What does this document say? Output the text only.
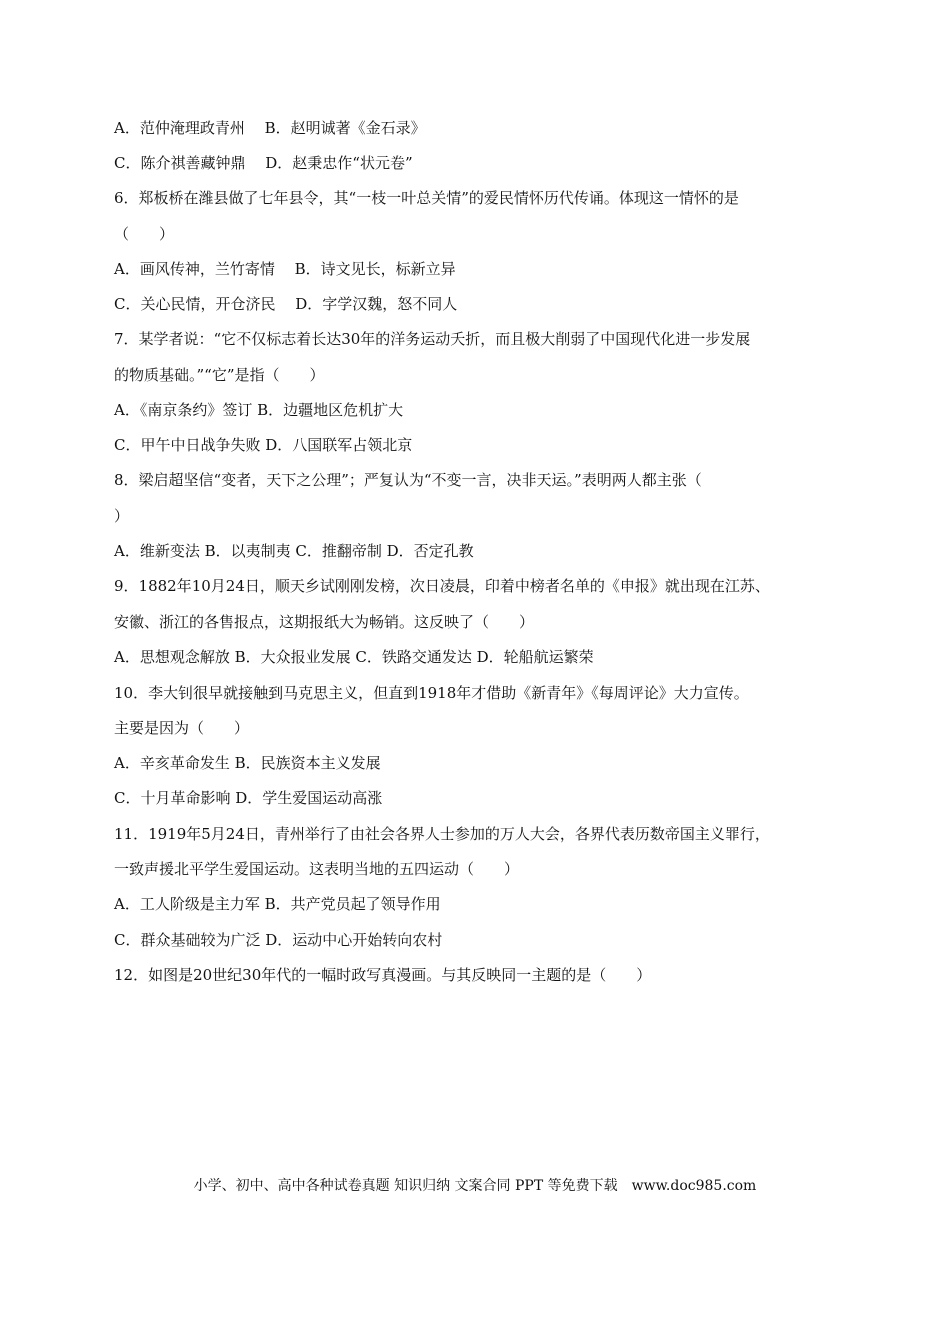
A．范仲淹理政青州　 B．赵明诚著《金石录》
C．陈介祺善藏钟鼎　 D．赵秉忠作“状元卷”
6．郑板桥在潍县做了七年县令，其“一枝一叶总关情”的爱民情怀历代传诵。体现这一情怀的是
（　　）
A．画风传神，兰竹寄情　 B．诗文见长，标新立异
C．关心民情，开仓济民　 D．字学汉魏，怒不同人
7．某学者说：“它不仅标志着长达30年的洋务运动夭折，而且极大削弱了中国现代化进一步发展
的物质基础。”“它”是指（　　）
A．《南京条约》签订 B．边疆地区危机扩大
C．甲午中日战争失败 D．八国联军占领北京
8．梁启超坚信“变者，天下之公理”；严复认为“不变一言，决非天运。”表明两人都主张（
）
A．维新变法 B．以夷制夷 C．推翻帝制 D．否定孔教
9．1882年10月24日，顺天乡试刚刚发榜，次日凌晨，印着中榜者名单的《申报》就出现在江苏、
安徽、浙江的各售报点，这期报纸大为畅销。这反映了（　　）
A．思想观念解放 B．大众报业发展 C．铁路交通发达 D．轮船航运繁荣
10．李大钊很早就接触到马克思主义，但直到1918年才借助《新青年》《每周评论》大力宣传。
主要是因为（　　）
A．辛亥革命发生 B．民族资本主义发展
C．十月革命影响 D．学生爱国运动高涨
11．1919年5月24日，青州举行了由社会各界人士参加的万人大会，各界代表历数帝国主义罪行，
一致声援北平学生爱国运动。这表明当地的五四运动（　　）
A．工人阶级是主力军 B．共产党员起了领导作用
C．群众基础较为广泛 D．运动中心开始转向农村
12．如图是20世纪30年代的一幅时政写真漫画。与其反映同一主题的是（　　）
小学、初中、高中各种试卷真题 知识归纳 文案合同 PPT 等免费下载　www.doc985.com
